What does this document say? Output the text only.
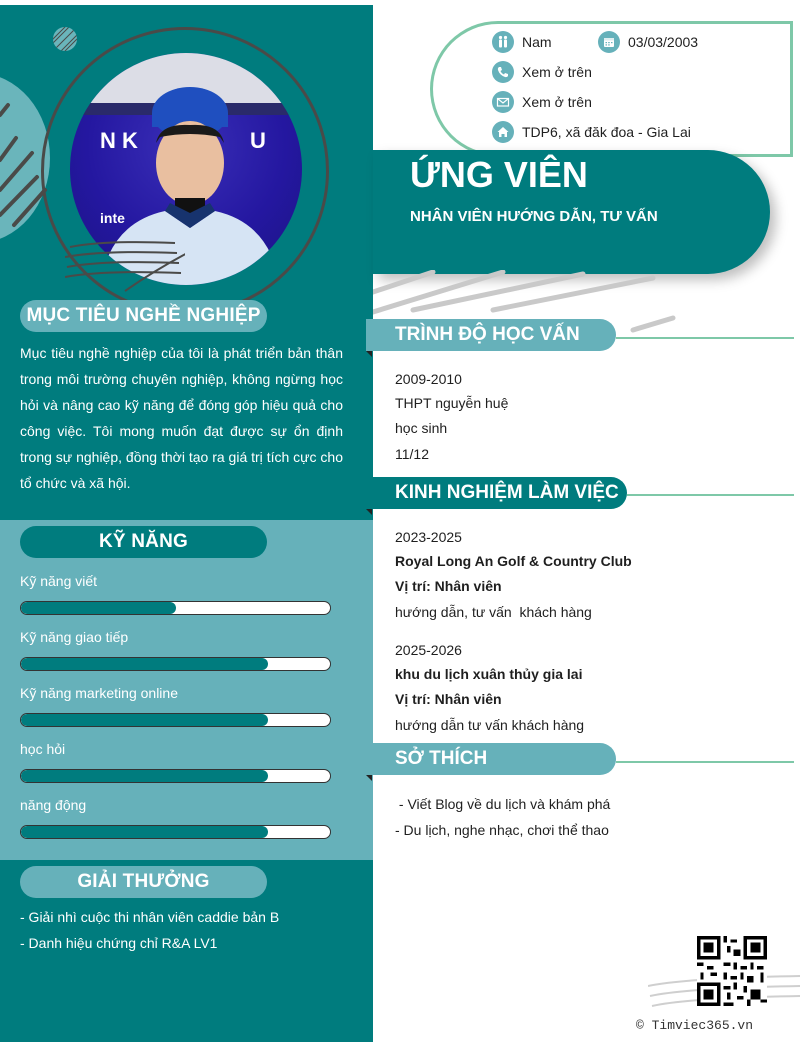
N K	U
inte
MỤC TIÊU NGHỀ NGHIỆP
Mục tiêu nghề nghiệp của tôi là phát triển bản thân trong môi trường chuyên nghiệp, không ngừng học hỏi và nâng cao kỹ năng để đóng góp hiệu quả cho công việc. Tôi mong muốn đạt được sự ổn định trong sự nghiệp, đồng thời tạo ra giá trị tích cực cho tổ chức và xã hội.
KỸ NĂNG
Kỹ năng viết
Kỹ năng giao tiếp
Kỹ năng marketing online
học hỏi
năng động
GIẢI THƯỞNG
- Giải nhì cuộc thi nhân viên caddie bản B
- Danh hiệu chứng chỉ R&A LV1
Nam	03/03/2003
Xem ở trên
Xem ở trên
TDP6, xã đăk đoa - Gia Lai
ỨNG VIÊN
NHÂN VIÊN HƯỚNG DẪN, TƯ VẤN
TRÌNH ĐỘ HỌC VẤN
2009-2010
THPT nguyễn huệ
học sinh
11/12
KINH NGHIỆM LÀM VIỆC
2023-2025
Royal Long An Golf & Country Club
Vị trí: Nhân viên
hướng dẫn, tư vấn  khách hàng
2025-2026
khu du lịch xuân thủy gia lai
Vị trí: Nhân viên
hướng dẫn tư vấn khách hàng
SỞ THÍCH
- Viết Blog về du lịch và khám phá
- Du lịch, nghe nhạc, chơi thể thao
© Timviec365.vn
